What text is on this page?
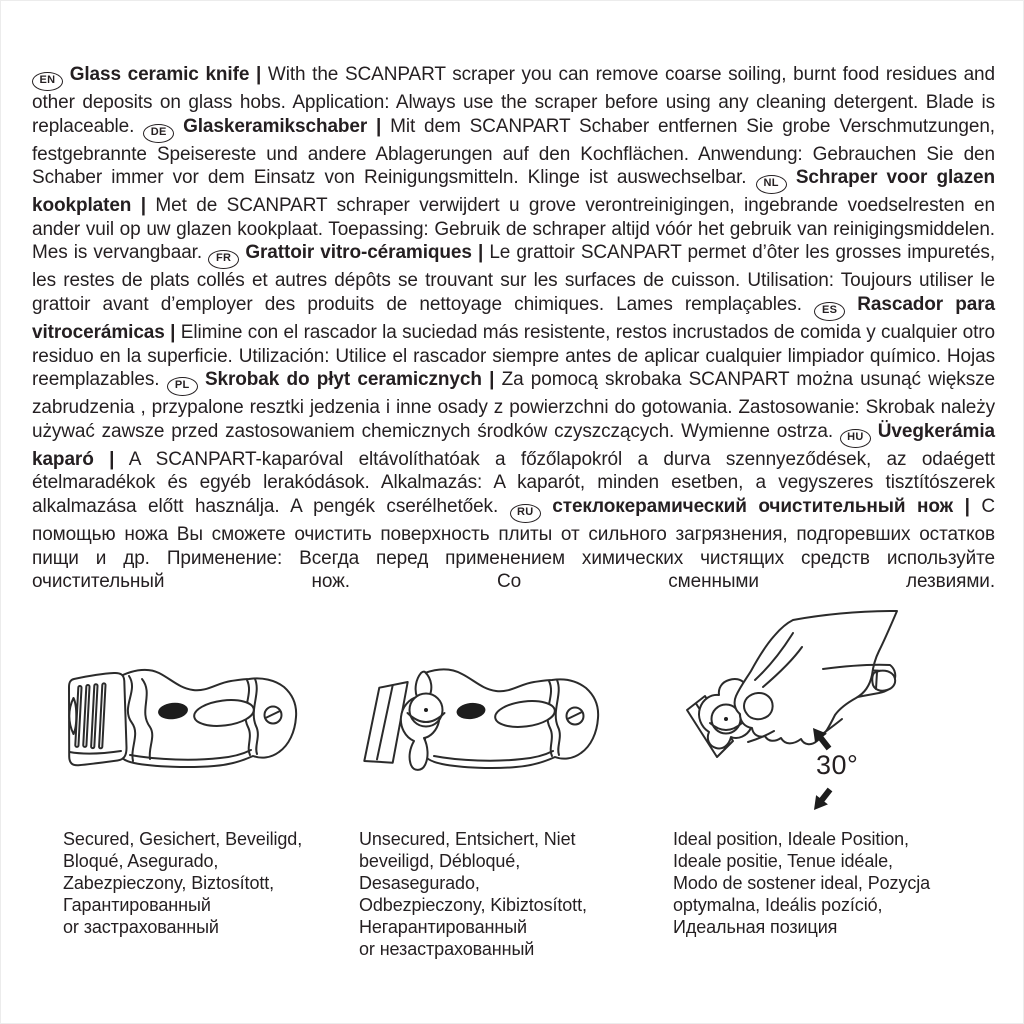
EN Glass ceramic knife | With the SCANPART scraper you can remove coarse soiling, burnt food residues and other deposits on glass hobs. Application: Always use the scraper before using any cleaning detergent. Blade is replaceable. DE Glaskeramikschaber | Mit dem SCANPART Schaber entfernen Sie grobe Verschmutzungen, festgebrannte Speisereste und andere Ablagerungen auf den Kochflächen. Anwendung: Gebrauchen Sie den Schaber immer vor dem Einsatz von Reinigungsmitteln. Klinge ist auswechselbar. NL Schraper voor glazen kookplaten | Met de SCANPART schraper verwijdert u grove verontreinigingen, ingebrande voedselresten en ander vuil op uw glazen kookplaat. Toepassing: Gebruik de schraper altijd vóór het gebruik van reinigingsmiddelen. Mes is vervangbaar. FR Grattoir vitro-céramiques | Le grattoir SCANPART permet d’ôter les grosses impuretés, les restes de plats collés et autres dépôts se trouvant sur les surfaces de cuisson. Utilisation: Toujours utiliser le grattoir avant d’employer des produits de nettoyage chimiques. Lames remplaçables. ES Rascador para vitrocerámicas | Elimine con el rascador la suciedad más resistente, restos incrustados de comida y cualquier otro residuo en la superficie. Utilización: Utilice el rascador siempre antes de aplicar cualquier limpiador químico. Hojas reemplazables. PL Skrobak do płyt ceramicznych | Za pomocą skrobaka SCANPART można usunąć większe zabrudzenia , przypalone resztki jedzenia i inne osady z powierzchni do gotowania. Zastosowanie: Skrobak należy używać zawsze przed zastosowaniem chemicznych środków czyszczących. Wymienne ostrza. HU Üvegkerámia kaparó | A SCANPART-kaparóval eltávolíthatóak a főzőlapokról a durva szennyeződések, az odaégett ételmaradékok és egyéb lerakódások. Alkalmazás: A kaparót, minden esetben, a vegyszeres tisztítószerek alkalmazása előtt használja. A pengék cserélhetőek. RU стеклокерамический очистительный нож | С помощью ножа Вы сможете очистить поверхность плиты от сильного загрязнения, подгоревших остатков пищи и др. Применение: Всегда перед применением химических чистящих средств используйте очистительный нож. Со сменными лезвиями.
30°
Secured, Gesichert, Beveiligd,
Bloqué, Asegurado,
Zabezpieczony, Biztosított,
Гарантированный
or застрахованный
Unsecured, Entsichert, Niet
beveiligd, Débloqué,
Desasegurado,
Odbezpieczony, Kibiztosított,
Негарантированный
or незастрахованный
Ideal position, Ideale Position,
Ideale positie, Tenue idéale,
Modo de sostener ideal, Pozycja
optymalna, Ideális pozíció,
Идеальная позиция
